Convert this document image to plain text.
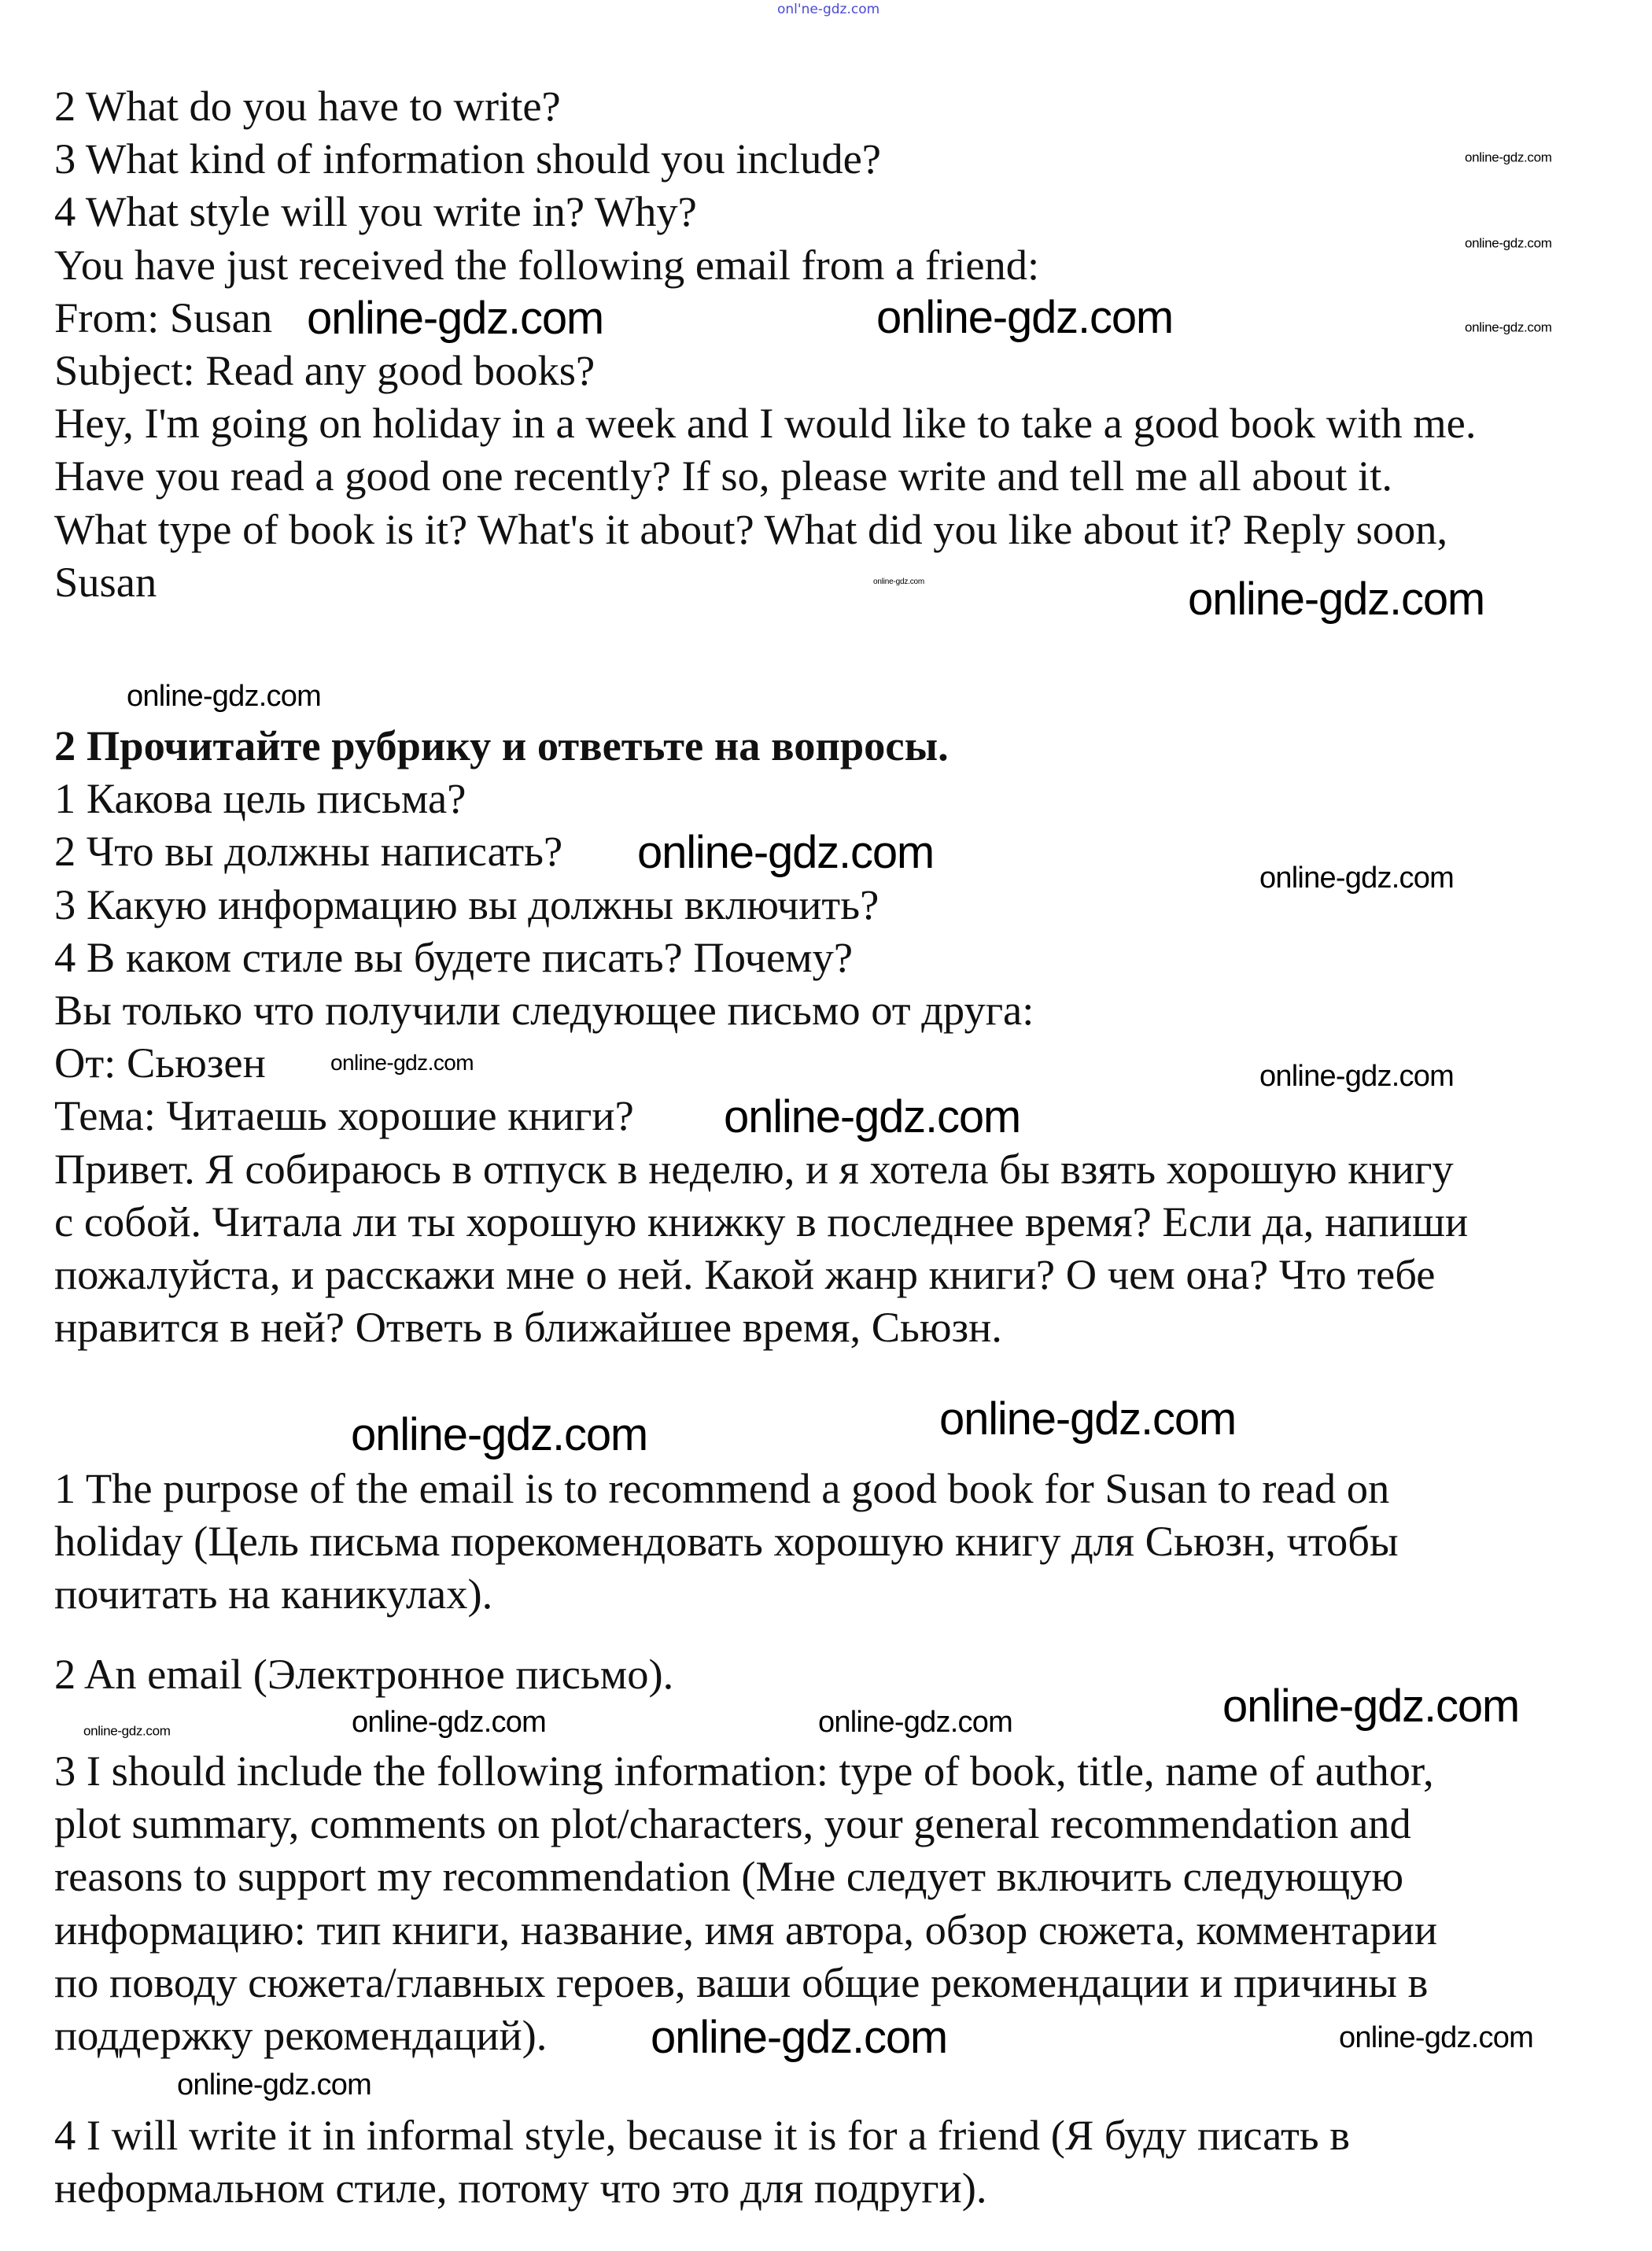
onl'ne-gdz.com
2 What do you have to write?
3 What kind of information should you include?
4 What style will you write in? Why?
You have just received the following email from a friend:
From: Susan
Subject: Read any good books?
Hey, I'm going on holiday in a week and I would like to take a good book with me.
Have you read a good one recently? If so, please write and tell me all about it.
What type of book is it? What's it about? What did you like about it? Reply soon,
Susan
2 Прочитайте рубрику и ответьте на вопросы.
1 Какова цель письма?
2 Что вы должны написать?
3 Какую информацию вы должны включить?
4 В каком стиле вы будете писать? Почему?
Вы только что получили следующее письмо от друга:
От: Сьюзен
Тема: Читаешь хорошие книги?
Привет. Я собираюсь в отпуск в неделю, и я хотела бы взять хорошую книгу
с собой. Читала ли ты хорошую книжку в последнее время? Если да, напиши
пожалуйста, и расскажи мне о ней. Какой жанр книги? О чем она? Что тебе
нравится в ней? Ответь в ближайшее время, Сьюзн.
1 The purpose of the email is to recommend a good book for Susan to read on
holiday (Цель письма порекомендовать хорошую книгу для Сьюзн, чтобы
почитать на каникулах).
2 An email (Электронное письмо).
3 I should include the following information: type of book, title, name of author,
plot summary, comments on plot/characters, your general recommendation and
reasons to support my recommendation (Мне следует включить следующую
информацию: тип книги, название, имя автора, обзор сюжета, комментарии
по поводу сюжета/главных героев, ваши общие рекомендации и причины в
поддержку рекомендаций).
4 I will write it in informal style, because it is for a friend (Я буду писать в
неформальном стиле, потому что это для подруги).
online-gdz.com
online-gdz.com
online-gdz.com
online-gdz.com	online-gdz.com
online-gdz.com	online-gdz.com
online-gdz.com
online-gdz.com	online-gdz.com
online-gdz.com	online-gdz.com
online-gdz.com
online-gdz.com	online-gdz.com
online-gdz.com	online-gdz.com	online-gdz.com
online-gdz.com
online-gdz.com	online-gdz.com
online-gdz.com
